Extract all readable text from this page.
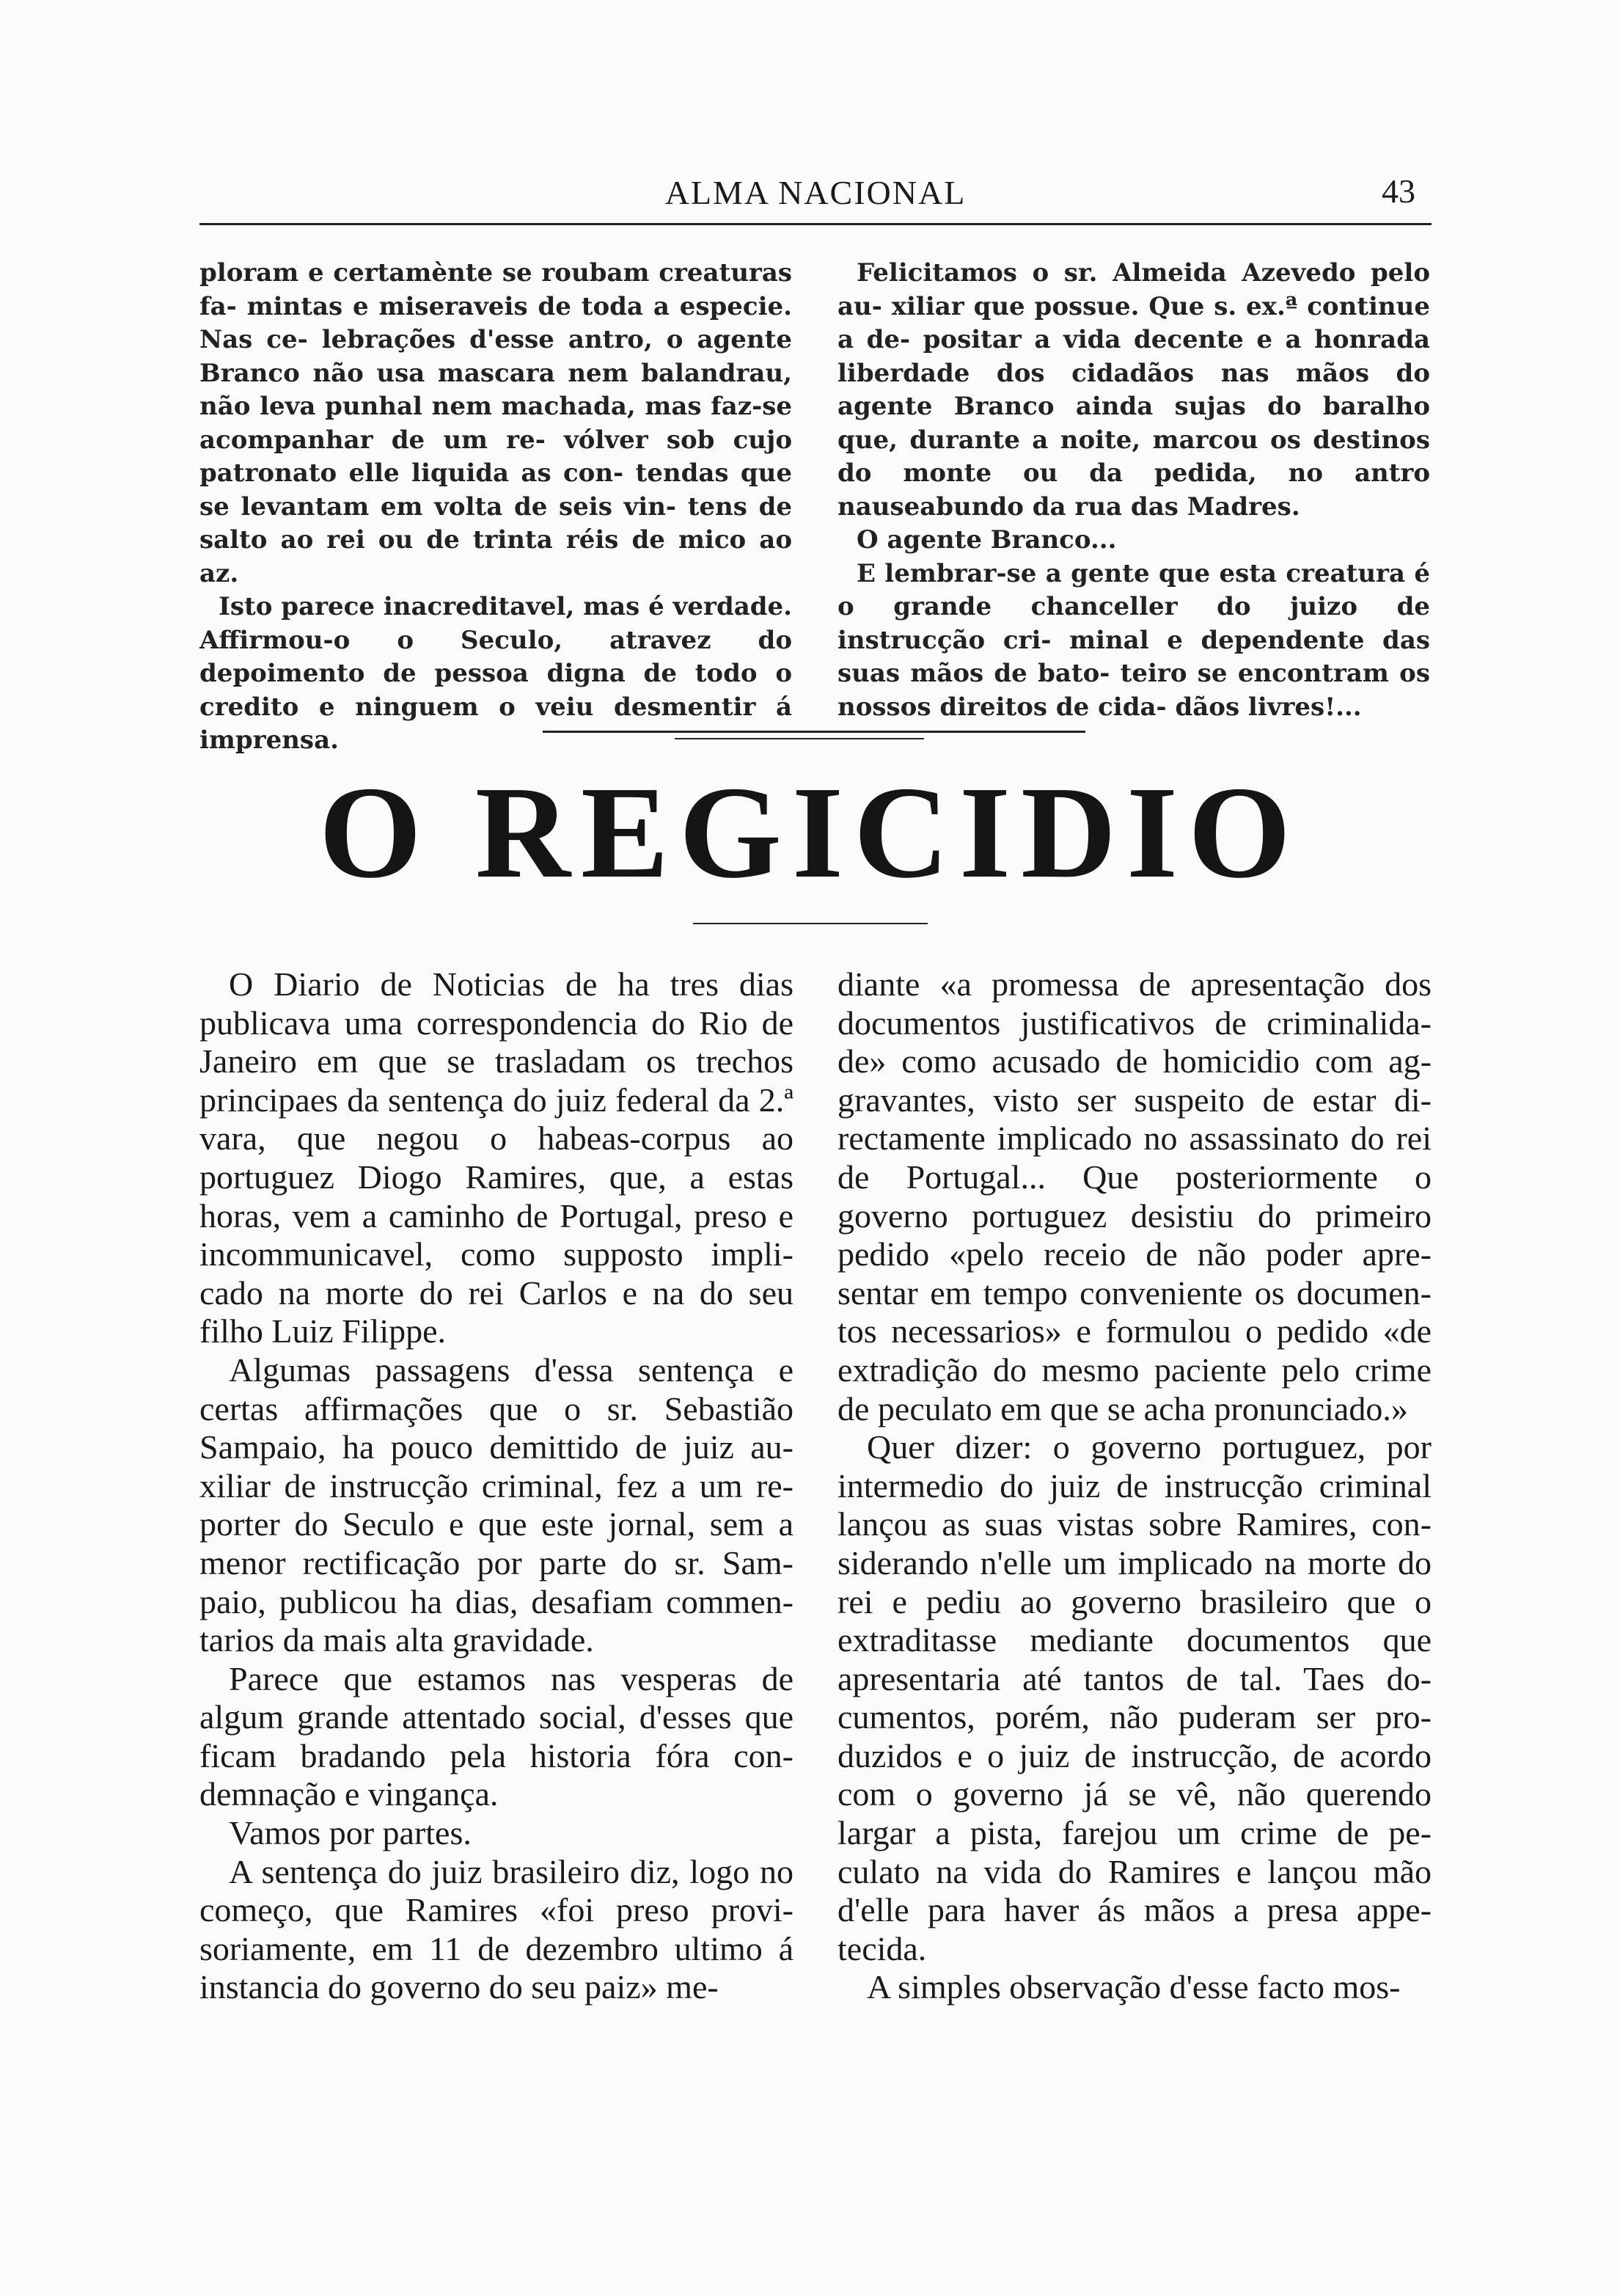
ALMA NACIONAL	43

ploram e certamènte se roubam creaturas fa- mintas e miseraveis de toda a especie. Nas ce- lebrações d'esse antro, o agente Branco não usa mascara nem balandrau, não leva punhal nem machada, mas faz-se acompanhar de um re- vólver sob cujo patronato elle liquida as con- tendas que se levantam em volta de seis vin- tens de salto ao rei ou de trinta réis de mico ao az.

Isto parece inacreditavel, mas é verdade. Affirmou-o o Seculo, atravez do depoimento de pessoa digna de todo o credito e ninguem o veiu desmentir á imprensa.

Felicitamos o sr. Almeida Azevedo pelo au- xiliar que possue. Que s. ex.ª continue a de- positar a vida decente e a honrada liberdade dos cidadãos nas mãos do agente Branco ainda sujas do baralho que, durante a noite, marcou os destinos do monte ou da pedida, no antro nauseabundo da rua das Madres.

O agente Branco...

E lembrar-se a gente que esta creatura é o grande chanceller do juizo de instrucção cri- minal e dependente das suas mãos de bato- teiro se encontram os nossos direitos de cida- dãos livres!...

O REGICIDIO

O Diario de Noticias de ha tres dias publicava uma correspondencia do Rio de Janeiro em que se trasladam os trechos principaes da sentença do juiz federal da 2.ª vara, que negou o habeas-corpus ao portuguez Diogo Ramires, que, a estas horas, vem a caminho de Portugal, preso e incommunicavel, como supposto impli- cado na morte do rei Carlos e na do seu filho Luiz Filippe.

Algumas passagens d'essa sentença e certas affirmações que o sr. Sebastião Sampaio, ha pouco demittido de juiz au- xiliar de instrucção criminal, fez a um re- porter do Seculo e que este jornal, sem a menor rectificação por parte do sr. Sam- paio, publicou ha dias, desafiam commen- tarios da mais alta gravidade.

Parece que estamos nas vesperas de algum grande attentado social, d'esses que ficam bradando pela historia fóra con- demnação e vingança.

Vamos por partes.

A sentença do juiz brasileiro diz, logo no começo, que Ramires «foi preso provi- soriamente, em 11 de dezembro ultimo á instancia do governo do seu paiz» me-

diante «a promessa de apresentação dos documentos justificativos de criminalida- de» como acusado de homicidio com ag- gravantes, visto ser suspeito de estar di- rectamente implicado no assassinato do rei de Portugal... Que posteriormente o governo portuguez desistiu do primeiro pedido «pelo receio de não poder apre- sentar em tempo conveniente os documen- tos necessarios» e formulou o pedido «de extradição do mesmo paciente pelo crime de peculato em que se acha pronunciado.»

Quer dizer: o governo portuguez, por intermedio do juiz de instrucção criminal lançou as suas vistas sobre Ramires, con- siderando n'elle um implicado na morte do rei e pediu ao governo brasileiro que o extraditasse mediante documentos que apresentaria até tantos de tal. Taes do- cumentos, porém, não puderam ser pro- duzidos e o juiz de instrucção, de acordo com o governo já se vê, não querendo largar a pista, farejou um crime de pe- culato na vida do Ramires e lançou mão d'elle para haver ás mãos a presa appe- tecida.

A simples observação d'esse facto mos-
